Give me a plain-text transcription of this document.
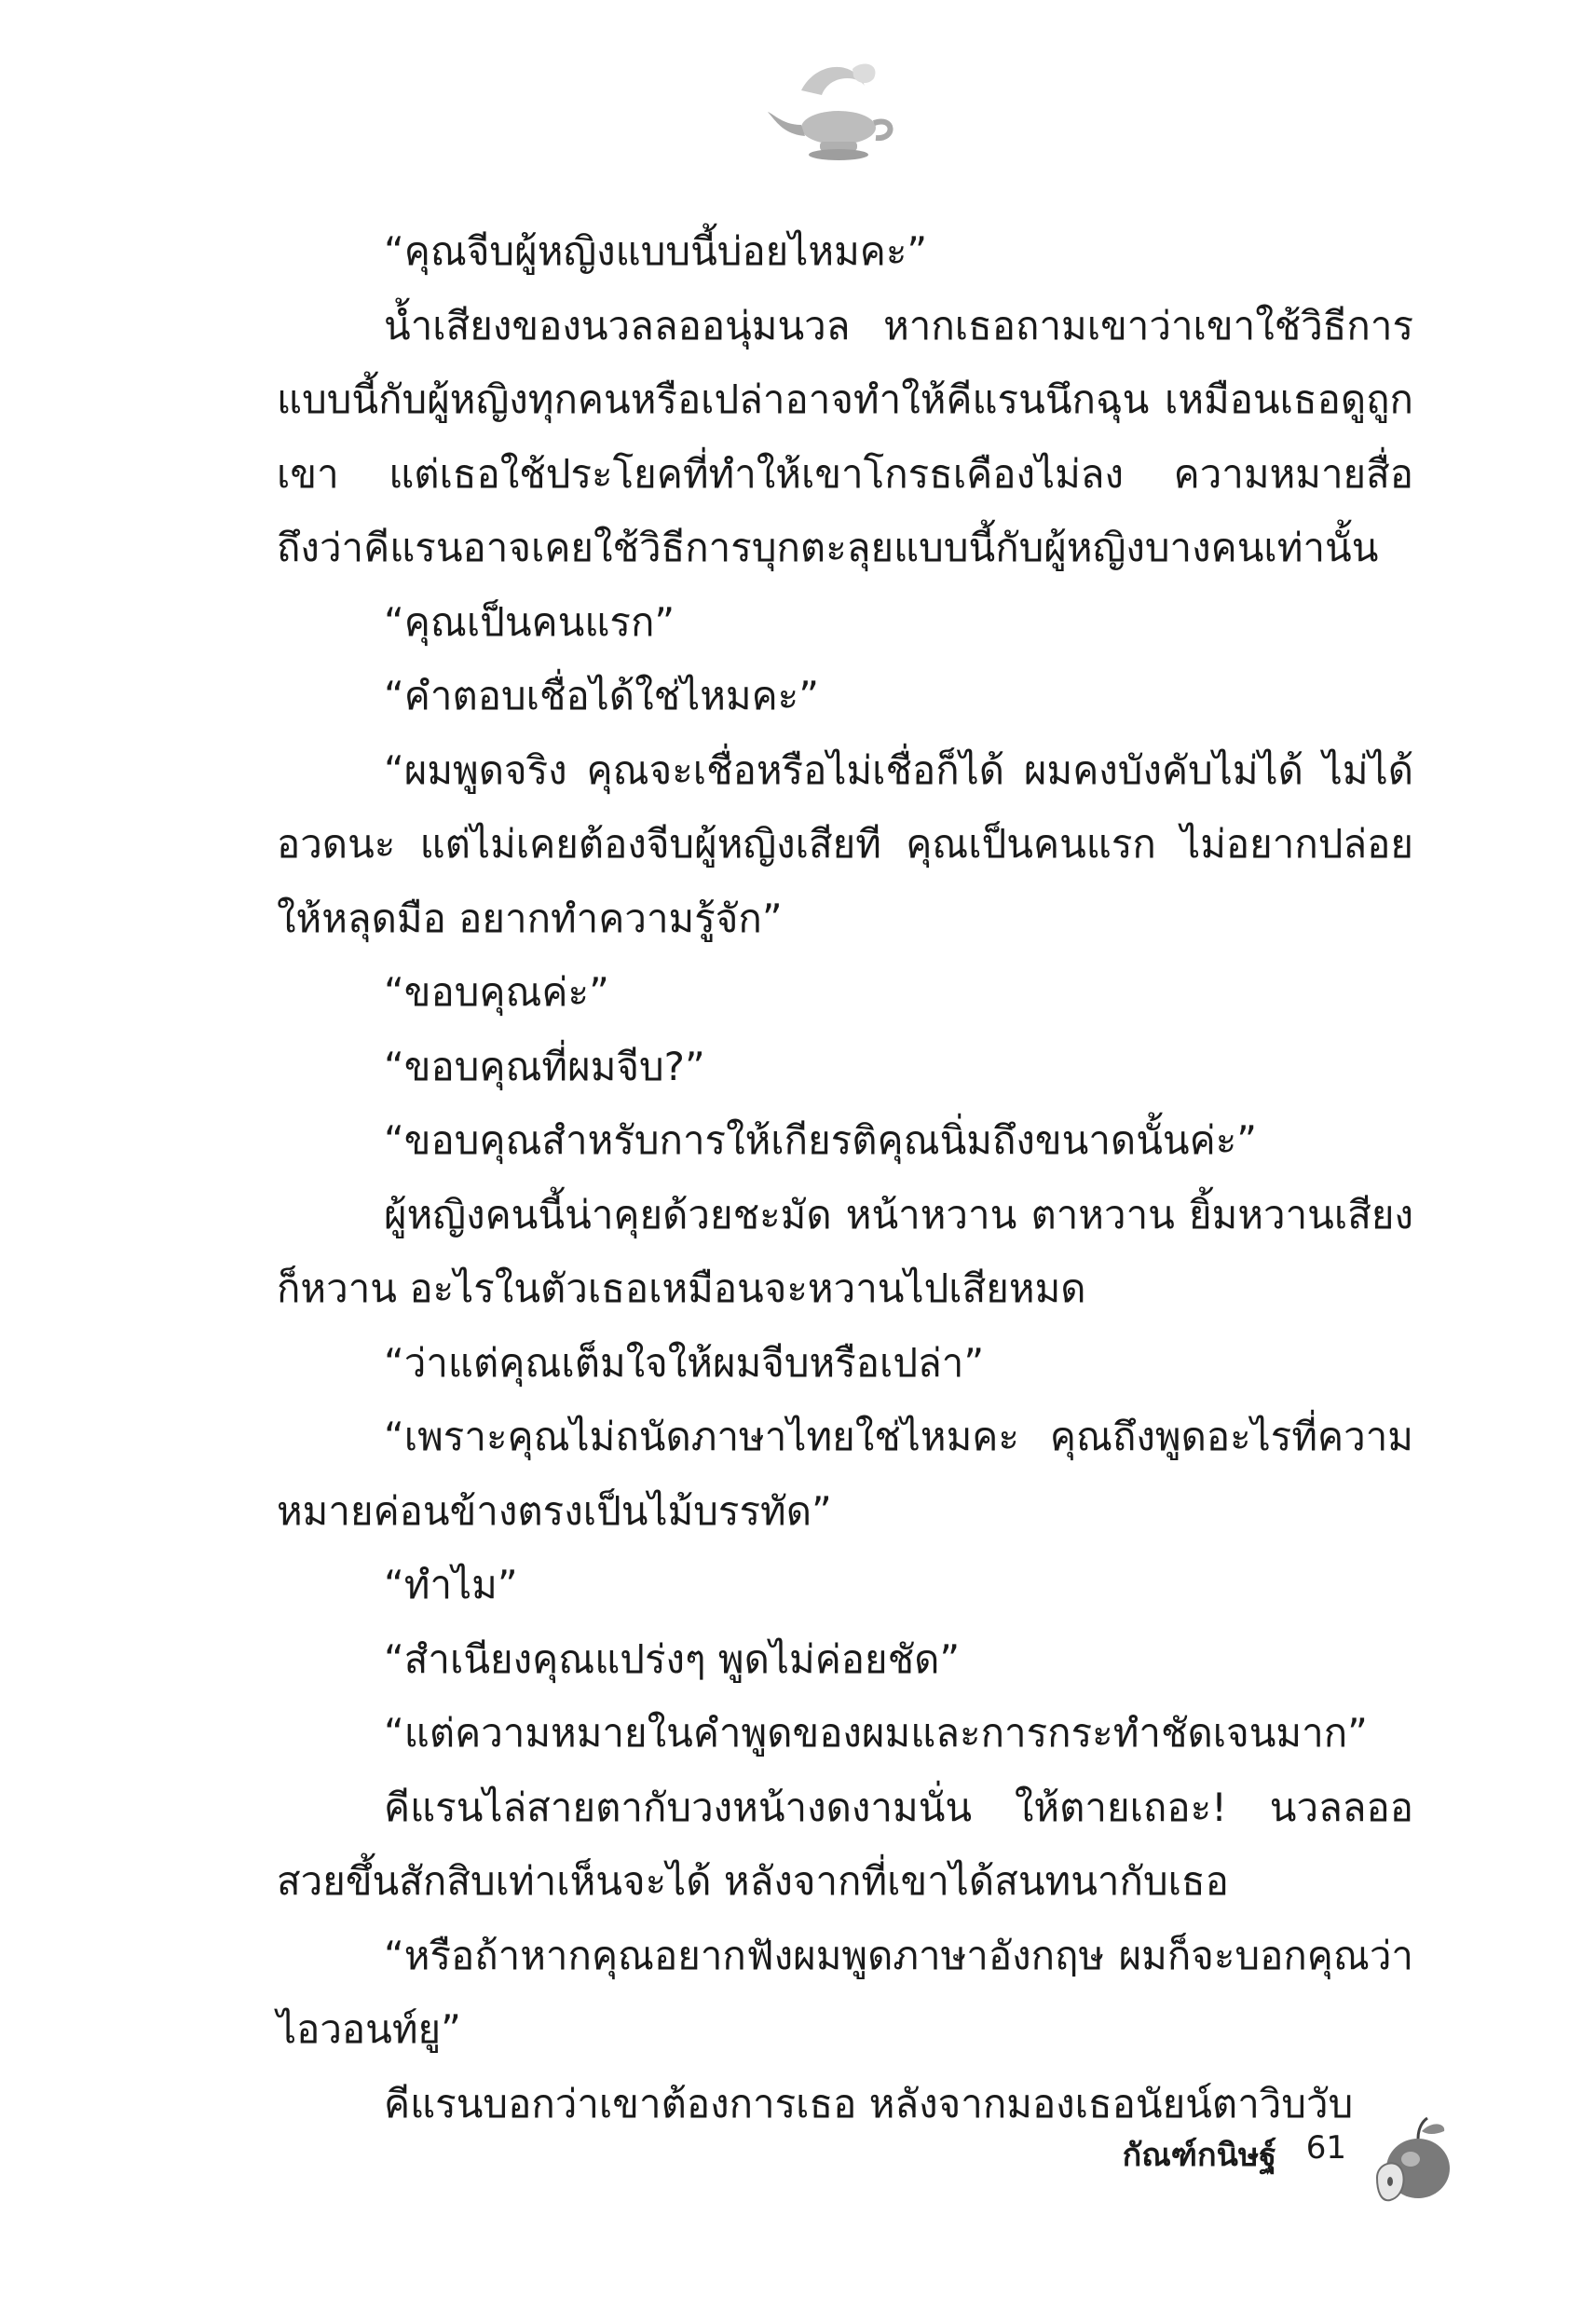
“คุณจีบผู้หญิงแบบนี้บ่อยไหมคะ”

น้ำเสียงของนวลลออนุ่มนวล หากเธอถามเขาว่าเขาใช้วิธีการแบบนี้กับผู้หญิงทุกคนหรือเปล่าอาจทำให้คีแรนนึกฉุน เหมือนเธอดูถูกเขา แต่เธอใช้ประโยคที่ทำให้เขาโกรธเคืองไม่ลง ความหมายสื่อถึงว่าคีแรนอาจเคยใช้วิธีการบุกตะลุยแบบนี้กับผู้หญิงบางคนเท่านั้น

“คุณเป็นคนแรก”

“คำตอบเชื่อได้ใช่ไหมคะ”

“ผมพูดจริง คุณจะเชื่อหรือไม่เชื่อก็ได้ ผมคงบังคับไม่ได้ ไม่ได้อวดนะ แต่ไม่เคยต้องจีบผู้หญิงเสียที คุณเป็นคนแรก ไม่อยากปล่อยให้หลุดมือ อยากทำความรู้จัก”

“ขอบคุณค่ะ”

“ขอบคุณที่ผมจีบ?”

“ขอบคุณสำหรับการให้เกียรติคุณนิ่มถึงขนาดนั้นค่ะ”

ผู้หญิงคนนี้น่าคุยด้วยชะมัด หน้าหวาน ตาหวาน ยิ้มหวานเสียงก็หวาน อะไรในตัวเธอเหมือนจะหวานไปเสียหมด

“ว่าแต่คุณเต็มใจให้ผมจีบหรือเปล่า”

“เพราะคุณไม่ถนัดภาษาไทยใช่ไหมคะ คุณถึงพูดอะไรที่ความหมายค่อนข้างตรงเป็นไม้บรรทัด”

“ทำไม”

“สำเนียงคุณแปร่งๆ พูดไม่ค่อยชัด”

“แต่ความหมายในคำพูดของผมและการกระทำชัดเจนมาก”

คีแรนไล่สายตากับวงหน้างดงามนั่น ให้ตายเถอะ! นวลลออสวยขึ้นสักสิบเท่าเห็นจะได้ หลังจากที่เขาได้สนทนากับเธอ

“หรือถ้าหากคุณอยากฟังผมพูดภาษาอังกฤษ ผมก็จะบอกคุณว่าไอวอนท์ยู”

คีแรนบอกว่าเขาต้องการเธอ หลังจากมองเธอนัยน์ตาวิบวับ

กัณฑ์กนิษฐ์ 61
